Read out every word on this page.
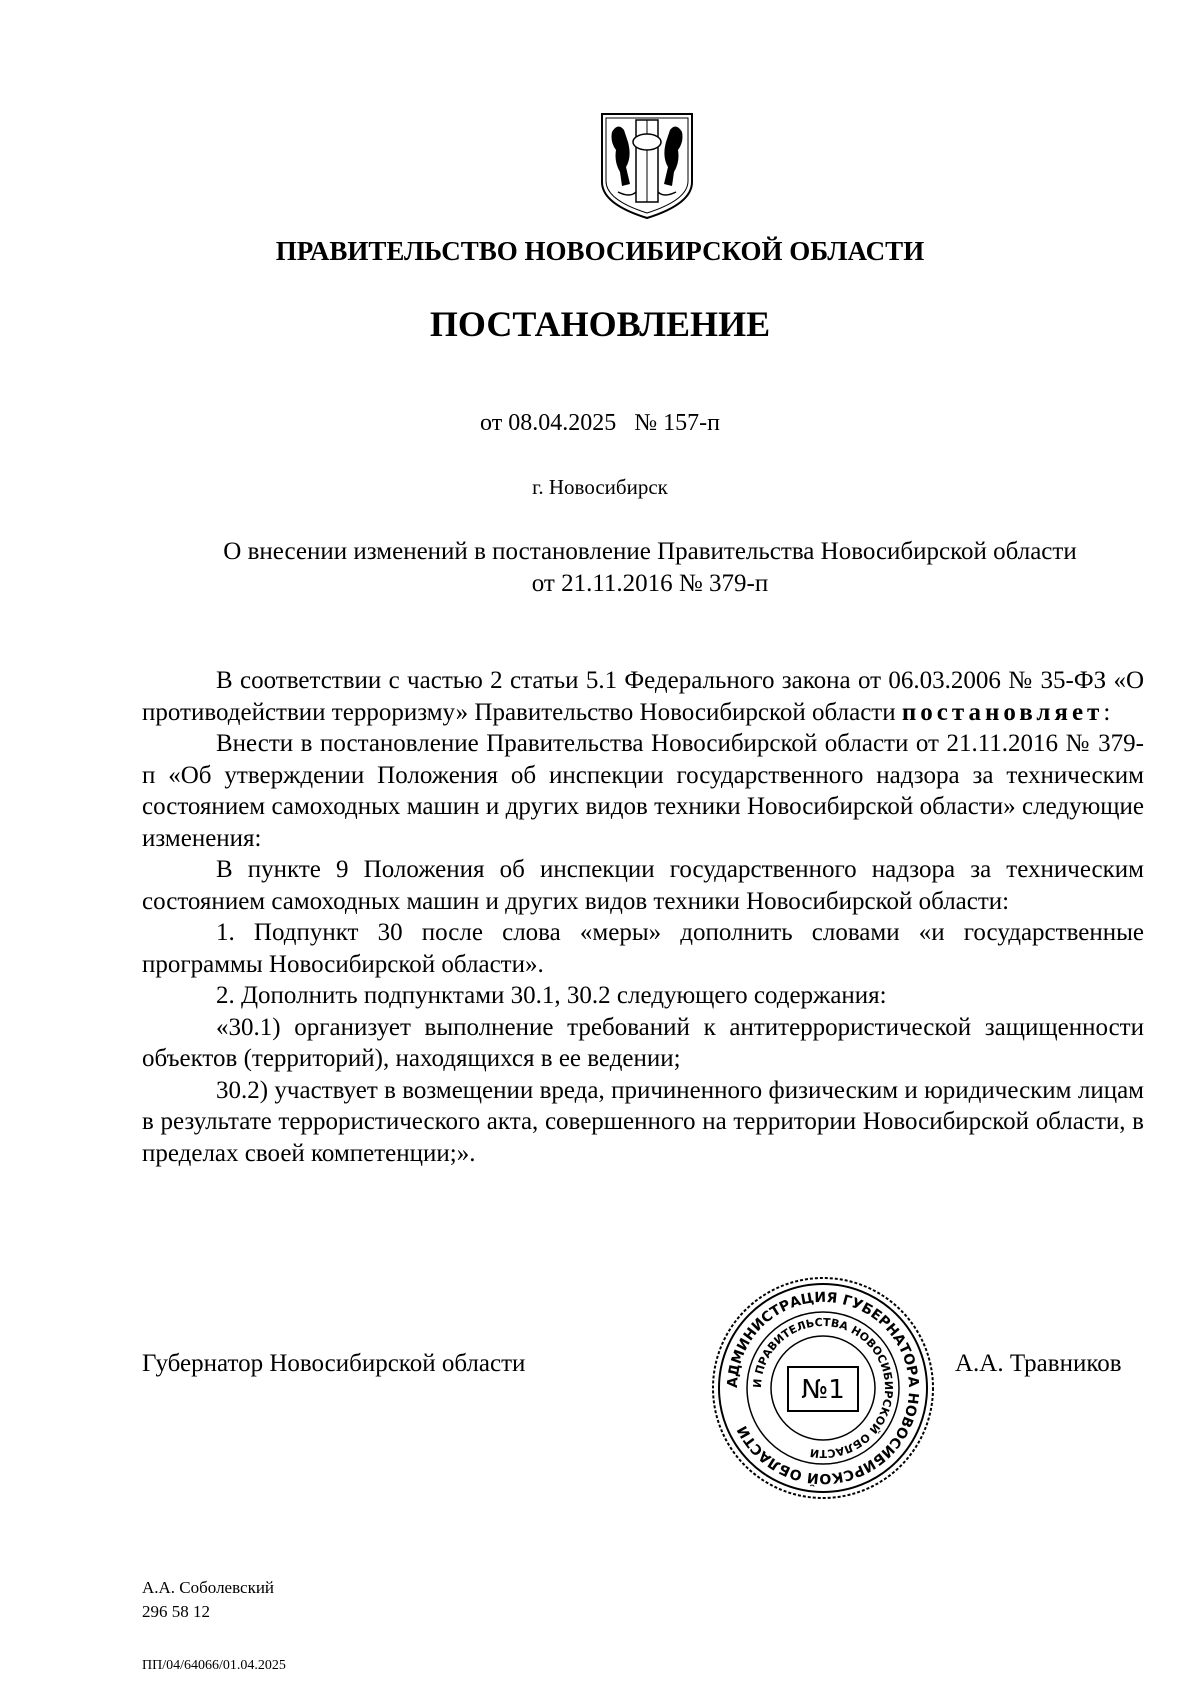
ПРАВИТЕЛЬСТВО НОВОСИБИРСКОЙ ОБЛАСТИ
ПОСТАНОВЛЕНИЕ
от 08.04.2025 № 157-п
г. Новосибирск
О внесении изменений в постановление Правительства Новосибирской области
от 21.11.2016 № 379-п

В соответствии с частью 2 статьи 5.1 Федерального закона от 06.03.2006 № 35-ФЗ «О противодействии терроризму» Правительство Новосибирской области постановляет:

Внести в постановление Правительства Новосибирской области от 21.11.2016 № 379-п «Об утверждении Положения об инспекции государственного надзора за техническим состоянием самоходных машин и других видов техники Новосибирской области» следующие изменения:

В пункте 9 Положения об инспекции государственного надзора за техническим состоянием самоходных машин и других видов техники Новосибирской области:

1. Подпункт 30 после слова «меры» дополнить словами «и государственные программы Новосибирской области».

2. Дополнить подпунктами 30.1, 30.2 следующего содержания:

«30.1) организует выполнение требований к антитеррористической защищенности объектов (территорий), находящихся в ее ведении;

30.2) участвует в возмещении вреда, причиненного физическим и юридическим лицам в результате террористического акта, совершенного на территории Новосибирской области, в пределах своей компетенции;».

Губернатор Новосибирской области
АДМИНИСТРАЦИЯ ГУБЕРНАТОРА НОВОСИБИРСКОЙ ОБЛАСТИ
И ПРАВИТЕЛЬСТВА НОВОСИБИРСКОЙ ОБЛАСТИ
№1
А.А. Травников
А.А. Соболевский
296 58 12
ПП/04/64066/01.04.2025
